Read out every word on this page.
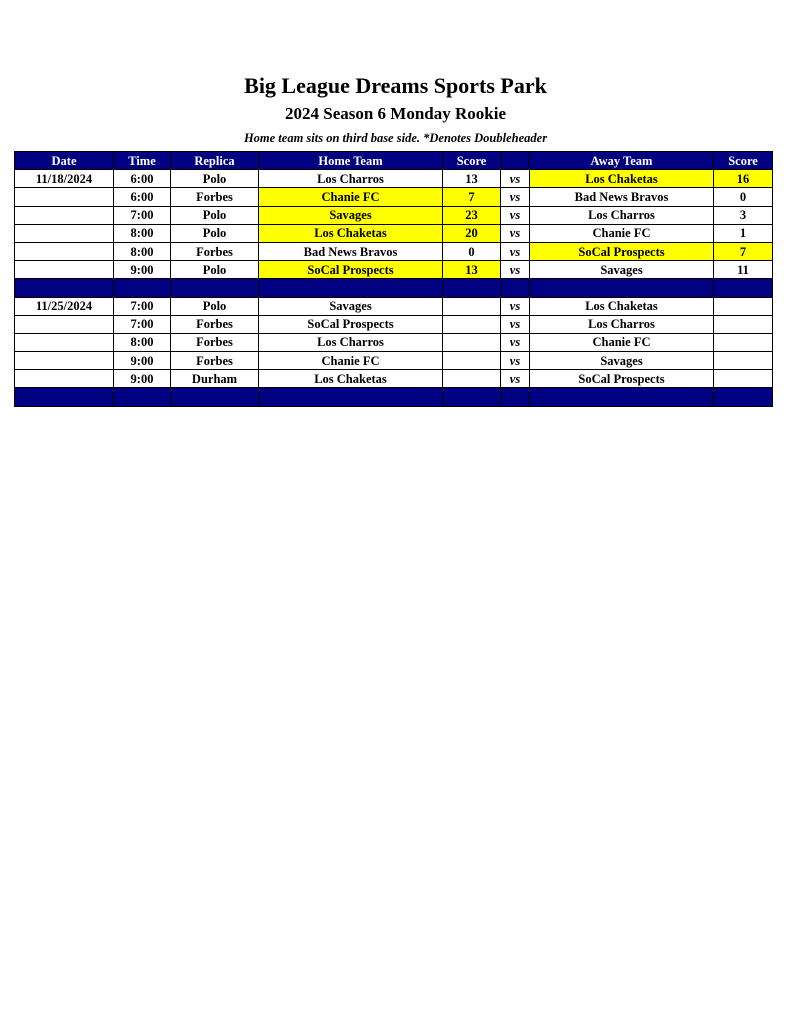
Big League Dreams Sports Park
2024 Season 6 Monday Rookie
Home team sits on third base side. *Denotes Doubleheader
Date	Time	Replica	Home Team	Score		Away Team	Score
11/18/2024	6:00	Polo	Los Charros	13	vs	Los Chaketas	16
	6:00	Forbes	Chanie FC	7	vs	Bad News Bravos	0
	7:00	Polo	Savages	23	vs	Los Charros	3
	8:00	Polo	Los Chaketas	20	vs	Chanie FC	1
	8:00	Forbes	Bad News Bravos	0	vs	SoCal Prospects	7
	9:00	Polo	SoCal Prospects	13	vs	Savages	11

11/25/2024	7:00	Polo	Savages		vs	Los Chaketas	
	7:00	Forbes	SoCal Prospects		vs	Los Charros	
	8:00	Forbes	Los Charros		vs	Chanie FC	
	9:00	Forbes	Chanie FC		vs	Savages	
	9:00	Durham	Los Chaketas		vs	SoCal Prospects	
